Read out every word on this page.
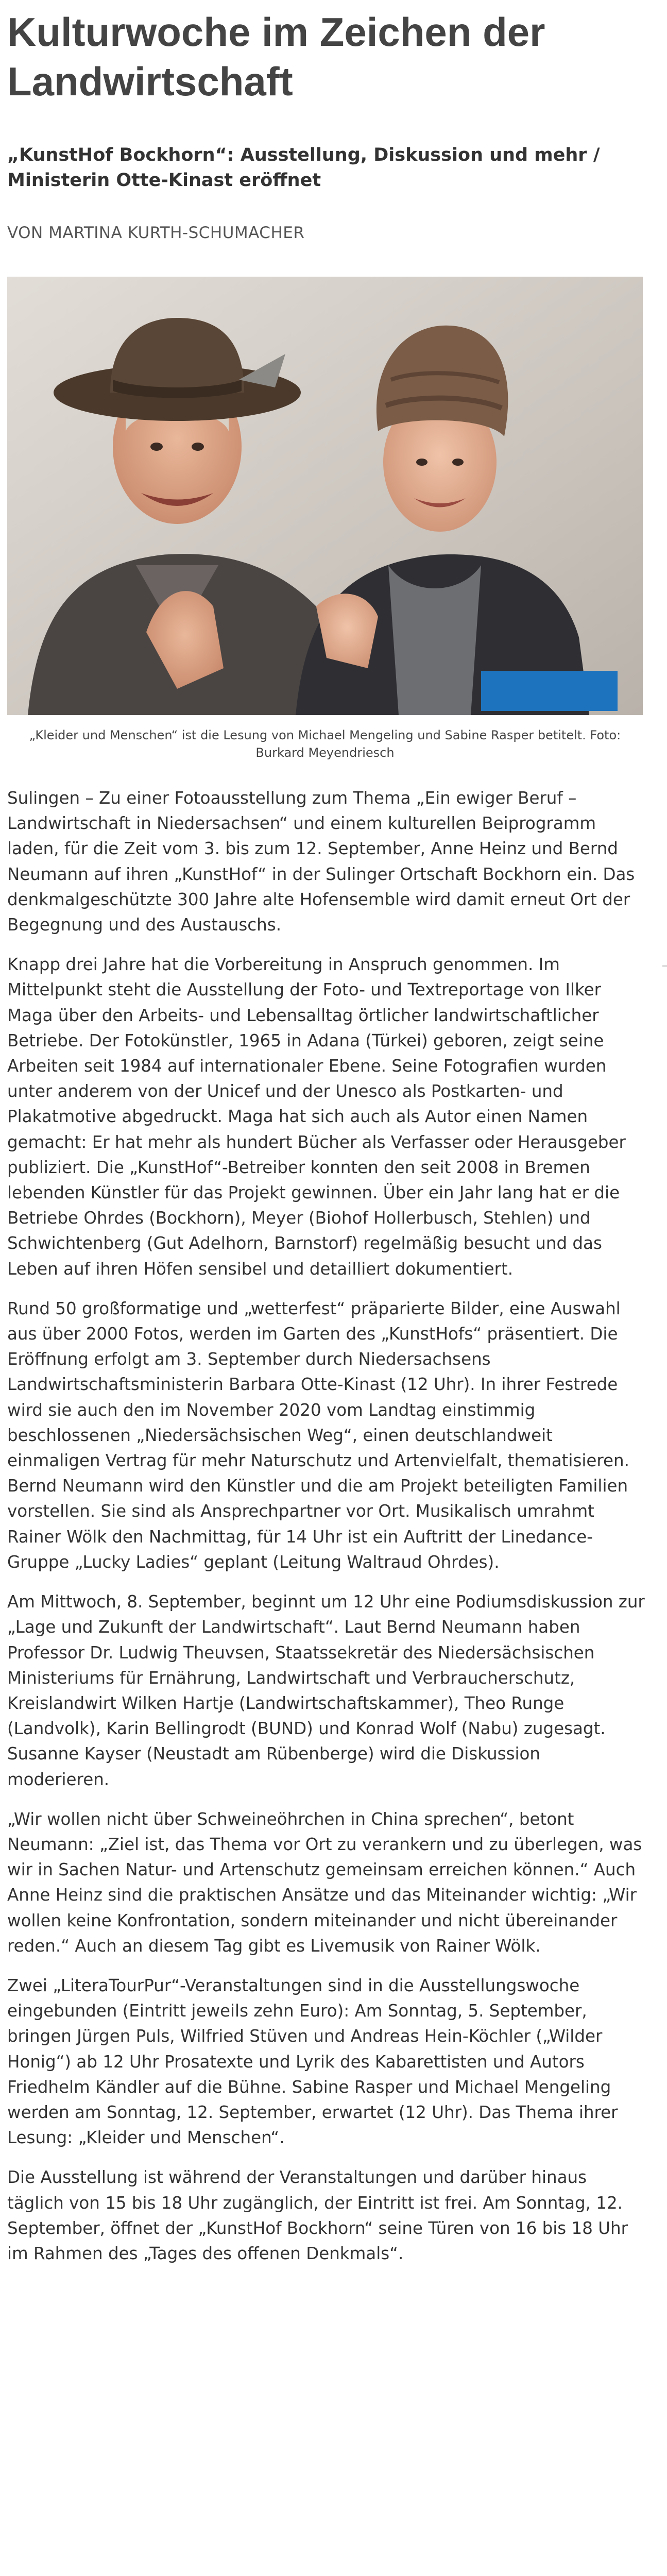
Kulturwoche im Zeichen der Landwirtschaft
„KunstHof Bockhorn“: Ausstellung, Diskussion und mehr / Ministerin Otte-Kinast eröffnet
VON MARTINA KURTH-SCHUMACHER
„Kleider und Menschen“ ist die Lesung von Michael Mengeling und Sabine Rasper betitelt. Foto: Burkard Meyendriesch

Sulingen – Zu einer Fotoausstellung zum Thema „Ein ewiger Beruf – Landwirtschaft in Niedersachsen“ und einem kulturellen Beiprogramm laden, für die Zeit vom 3. bis zum 12. September, Anne Heinz und Bernd Neumann auf ihren „KunstHof“ in der Sulinger Ortschaft Bockhorn ein. Das denkmalgeschützte 300 Jahre alte Hofensemble wird damit erneut Ort der Begegnung und des Austauschs.

Knapp drei Jahre hat die Vorbereitung in Anspruch genommen. Im Mittelpunkt steht die Ausstellung der Foto- und Textreportage von Ilker Maga über den Arbeits- und Lebensalltag örtlicher landwirtschaftlicher Betriebe. Der Fotokünstler, 1965 in Adana (Türkei) geboren, zeigt seine Arbeiten seit 1984 auf internationaler Ebene. Seine Fotografien wurden unter anderem von der Unicef und der Unesco als Postkarten- und Plakatmotive abgedruckt. Maga hat sich auch als Autor einen Namen gemacht: Er hat mehr als hundert Bücher als Verfasser oder Herausgeber publiziert. Die „KunstHof“-Betreiber konnten den seit 2008 in Bremen lebenden Künstler für das Projekt gewinnen. Über ein Jahr lang hat er die Betriebe Ohrdes (Bockhorn), Meyer (Biohof Hollerbusch, Stehlen) und Schwichtenberg (Gut Adelhorn, Barnstorf) regelmäßig besucht und das Leben auf ihren Höfen sensibel und detailliert dokumentiert.

Rund 50 großformatige und „wetterfest“ präparierte Bilder, eine Auswahl aus über 2000 Fotos, werden im Garten des „KunstHofs“ präsentiert. Die Eröffnung erfolgt am 3. September durch Niedersachsens Landwirtschaftsministerin Barbara Otte-Kinast (12 Uhr). In ihrer Festrede wird sie auch den im November 2020 vom Landtag einstimmig beschlossenen „Niedersächsischen Weg“, einen deutschlandweit einmaligen Vertrag für mehr Naturschutz und Artenvielfalt, thematisieren. Bernd Neumann wird den Künstler und die am Projekt beteiligten Familien vorstellen. Sie sind als Ansprechpartner vor Ort. Musikalisch umrahmt Rainer Wölk den Nachmittag, für 14 Uhr ist ein Auftritt der Linedance-Gruppe „Lucky Ladies“ geplant (Leitung Waltraud Ohrdes).

Am Mittwoch, 8. September, beginnt um 12 Uhr eine Podiumsdiskussion zur „Lage und Zukunft der Landwirtschaft“. Laut Bernd Neumann haben Professor Dr. Ludwig Theuvsen, Staatssekretär des Niedersächsischen Ministeriums für Ernährung, Landwirtschaft und Verbraucherschutz, Kreislandwirt Wilken Hartje (Landwirtschaftskammer), Theo Runge (Landvolk), Karin Bellingrodt (BUND) und Konrad Wolf (Nabu) zugesagt. Susanne Kayser (Neustadt am Rübenberge) wird die Diskussion moderieren.

„Wir wollen nicht über Schweineöhrchen in China sprechen“, betont Neumann: „Ziel ist, das Thema vor Ort zu verankern und zu überlegen, was wir in Sachen Natur- und Artenschutz gemeinsam erreichen können.“ Auch Anne Heinz sind die praktischen Ansätze und das Miteinander wichtig: „Wir wollen keine Konfrontation, sondern miteinander und nicht übereinander reden.“ Auch an diesem Tag gibt es Livemusik von Rainer Wölk.

Zwei „LiteraTourPur“-Veranstaltungen sind in die Ausstellungswoche eingebunden (Eintritt jeweils zehn Euro): Am Sonntag, 5. September, bringen Jürgen Puls, Wilfried Stüven und Andreas Hein-Köchler („Wilder Honig“) ab 12 Uhr Prosatexte und Lyrik des Kabarettisten und Autors Friedhelm Kändler auf die Bühne. Sabine Rasper und Michael Mengeling werden am Sonntag, 12. September, erwartet (12 Uhr). Das Thema ihrer Lesung: „Kleider und Menschen“.

Die Ausstellung ist während der Veranstaltungen und darüber hinaus täglich von 15 bis 18 Uhr zugänglich, der Eintritt ist frei. Am Sonntag, 12. September, öffnet der „KunstHof Bockhorn“ seine Türen von 16 bis 18 Uhr im Rahmen des „Tages des offenen Denkmals“.
